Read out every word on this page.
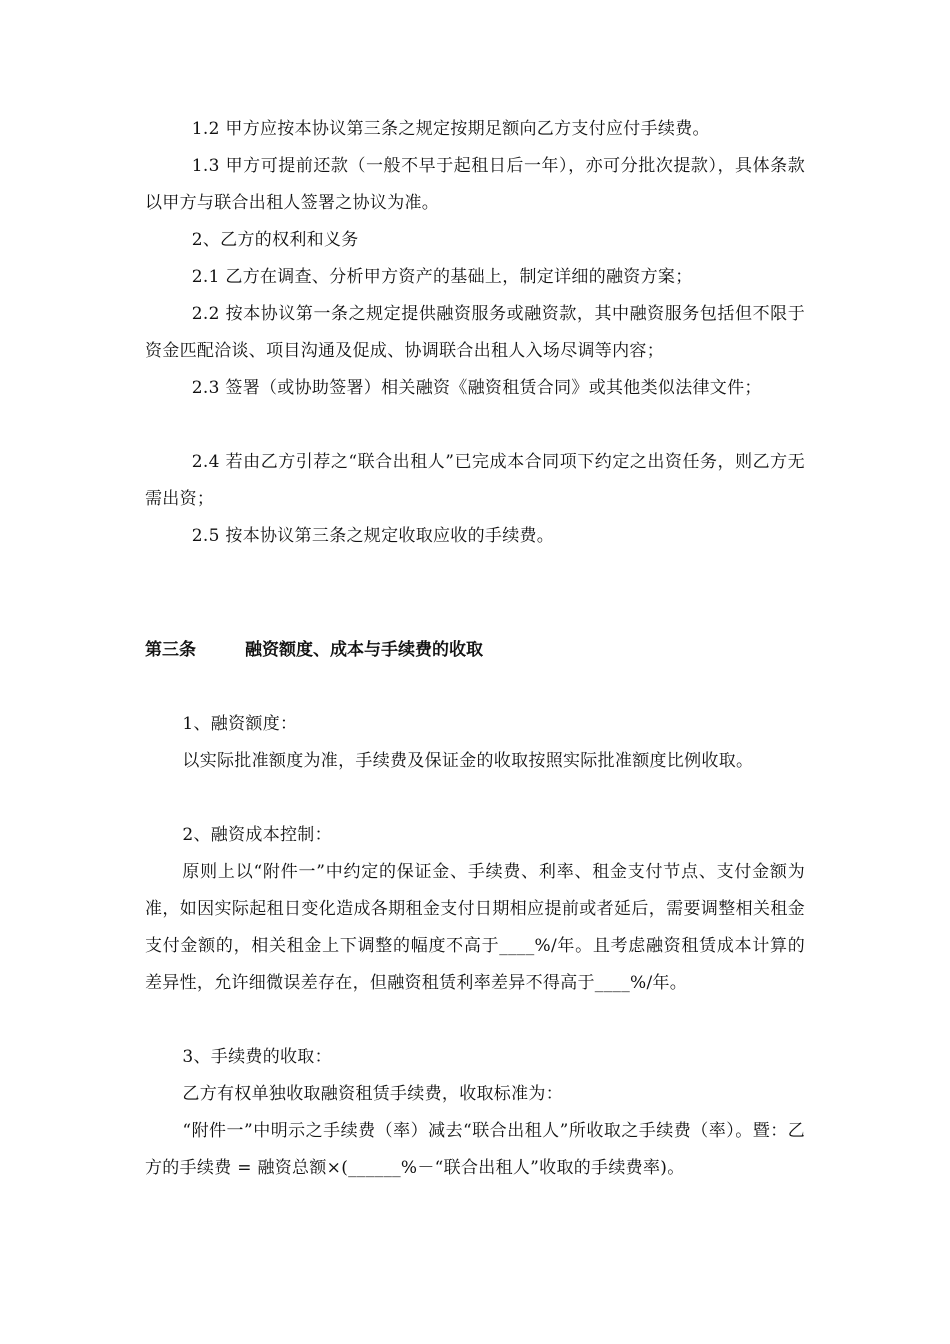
1.2 甲方应按本协议第三条之规定按期足额向乙方支付应付手续费。

1.3 甲方可提前还款（一般不早于起租日后一年），亦可分批次提款），具体条款以甲方与联合出租人签署之协议为准。

2、乙方的权利和义务

2.1 乙方在调查、分析甲方资产的基础上，制定详细的融资方案；

2.2 按本协议第一条之规定提供融资服务或融资款，其中融资服务包括但不限于资金匹配洽谈、项目沟通及促成、协调联合出租人入场尽调等内容；

2.3 签署（或协助签署）相关融资《融资租赁合同》或其他类似法律文件；

2.4 若由乙方引荐之“联合出租人”已完成本合同项下约定之出资任务，则乙方无需出资；

2.5 按本协议第三条之规定收取应收的手续费。

第三条	融资额度、成本与手续费的收取

1、融资额度：

以实际批准额度为准，手续费及保证金的收取按照实际批准额度比例收取。

2、融资成本控制：

原则上以“附件一”中约定的保证金、手续费、利率、租金支付节点、支付金额为准，如因实际起租日变化造成各期租金支付日期相应提前或者延后，需要调整相关租金支付金额的，相关租金上下调整的幅度不高于____%/年。且考虑融资租赁成本计算的差异性，允许细微误差存在，但融资租赁利率差异不得高于____%/年。

3、手续费的收取：

乙方有权单独收取融资租赁手续费，收取标准为：

“附件一”中明示之手续费（率）减去“联合出租人”所收取之手续费（率）。暨：乙方的手续费 = 融资总额×(______%－“联合出租人”收取的手续费率)。
